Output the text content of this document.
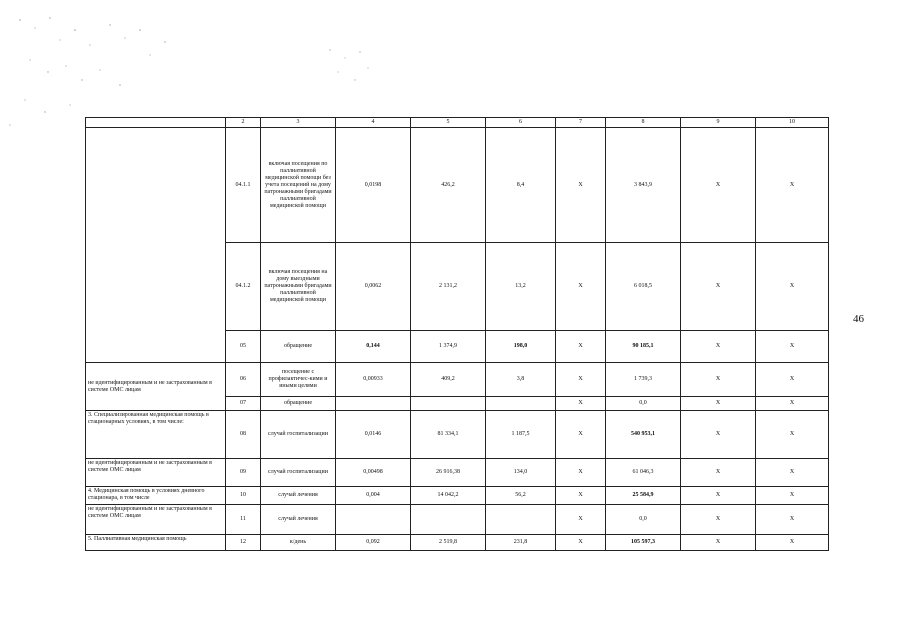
46
	2	3	4	5	6	7	8	9	10
	04.1.1	включая посещения по паллиативной медицинской помощи без учета посещений на дому патронажными бригадами паллиативной медицинской помощи	0,0198	426,2	8,4	X	3 843,9	X	X
	04.1.2	включая посещения на дому выездными патронажными бригадами паллиативной медицинской помощи	0,0062	2 131,2	13,2	X	6 018,5	X	X
	05	обращение	0,144	1 374,9	198,0	X	90 185,1	X	X
не идентифицированным и не застрахованным в системе ОМС лицам	06	посещение с профилактичес-кими и иными целями	0,00933	409,2	3,8	X	1 739,3	X	X
	07	обращение				X	0,0	X	X
3. Специализированная медицинская помощь в стационарных условиях, в том числе:	08	случай госпитализации	0,0146	81 334,1	1 187,5	X	540 953,1	X	X
не идентифицированным и не застрахованным в системе ОМС лицам	09	случай госпитализации	0,00498	26 916,38	134,0	X	61 046,3	X	X
4. Медицинская помощь в условиях дневного стационара, в том числе	10	случай лечения	0,004	14 042,2	56,2	X	25 584,9	X	X
не идентифицированным и не застрахованным в системе ОМС лицам	11	случай лечения				X	0,0	X	X
5. Паллиативная медицинская помощь	12	к/день	0,092	2 519,8	231,8	X	105 597,3	X	X
